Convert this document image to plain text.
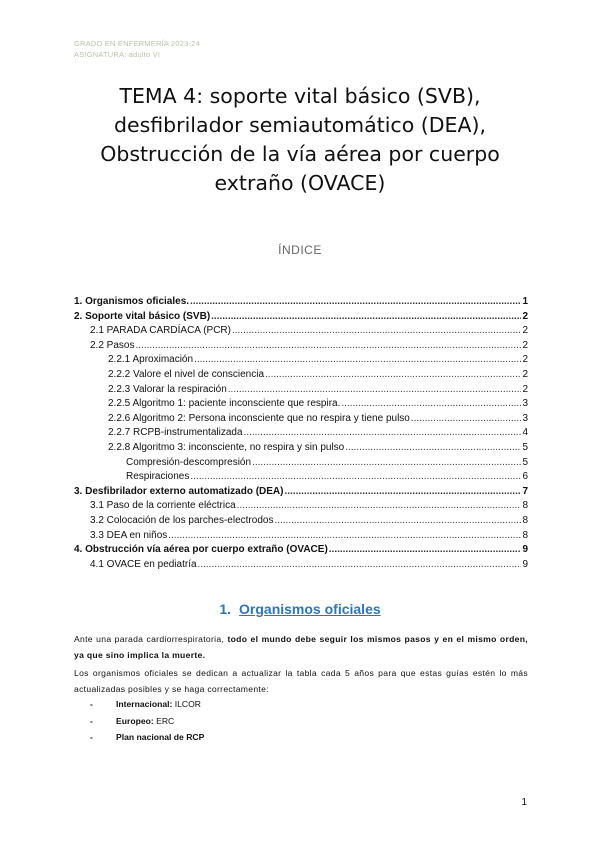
GRADO EN ENFERMERÍA 2023-24
ASIGNATURA: adulto VI
TEMA 4: soporte vital básico (SVB),
desfibrilador semiautomático (DEA),
Obstrucción de la vía aérea por cuerpo
extraño (OVACE)
ÍNDICE
1. Organismos oficiales. .....	1
2. Soporte vital básico (SVB) .....	2
2.1 PARADA CARDÍACA (PCR) .....	2
2.2 Pasos .....	2
2.2.1 Aproximación .....	2
2.2.2 Valore el nivel de consciencia .....	2
2.2.3 Valorar la respiración .....	2
2.2.5 Algoritmo 1: paciente inconsciente que respira. .....	3
2.2.6 Algoritmo 2: Persona inconsciente que no respira y tiene pulso .....	3
2.2.7 RCPB-instrumentalizada .....	4
2.2.8 Algoritmo 3: inconsciente, no respira y sin pulso .....	5
Compresión-descompresión .....	5
Respiraciones .....	6
3. Desfibrilador externo automatizado (DEA) .....	7
3.1 Paso de la corriente eléctrica .....	8
3.2 Colocación de los parches-electrodos .....	8
3.3 DEA en niños .....	8
4. Obstrucción vía aérea por cuerpo extraño (OVACE) .....	9
4.1 OVACE en pediatría .....	9
1. Organismos oficiales
Ante una parada cardiorrespiratoria, todo el mundo debe seguir los mismos pasos y en el mismo orden, ya que sino implica la muerte.
Los organismos oficiales se dedican a actualizar la tabla cada 5 años para que estas guías estén lo más actualizadas posibles y se haga correctamente:
-	Internacional: ILCOR
-	Europeo: ERC
-	Plan nacional de RCP
1
